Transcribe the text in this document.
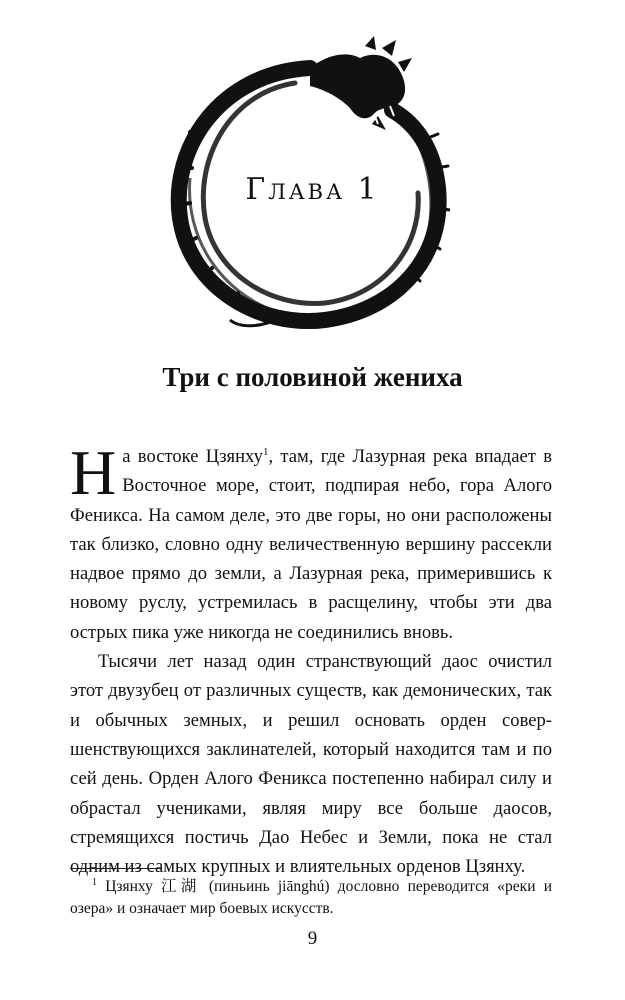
Глава 1
Три с половиной жениха

На востоке Цзянху$^1$, там, где Лазурная река впадает в Восточное море, стоит, подпирая небо, гора Алого Феникса. На самом деле, это две горы, но они расположены так близко, словно одну величественную вершину рассекли надвое прямо до земли, а Лазурная река, примерившись к новому руслу, устремилась в расщелину, чтобы эти два острых пика уже никогда не соединились вновь.

Тысячи лет назад один странствующий даос очистил этот двузубец от различных существ, как демонических, так и обычных земных, и решил основать орден совершенствующихся заклинателей, который находится там и по сей день. Орден Алого Феникса постепенно набирал силу и обрастал учениками, являя миру все больше даосов, стремящихся постичь Дао Небес и Земли, пока не стал одним из самых крупных и влиятельных орденов Цзянху.

$^1$ Цзянху 江湖 (пиньинь jiānghú) дословно переводится «реки и озера» и означает мир боевых искусств.
9
